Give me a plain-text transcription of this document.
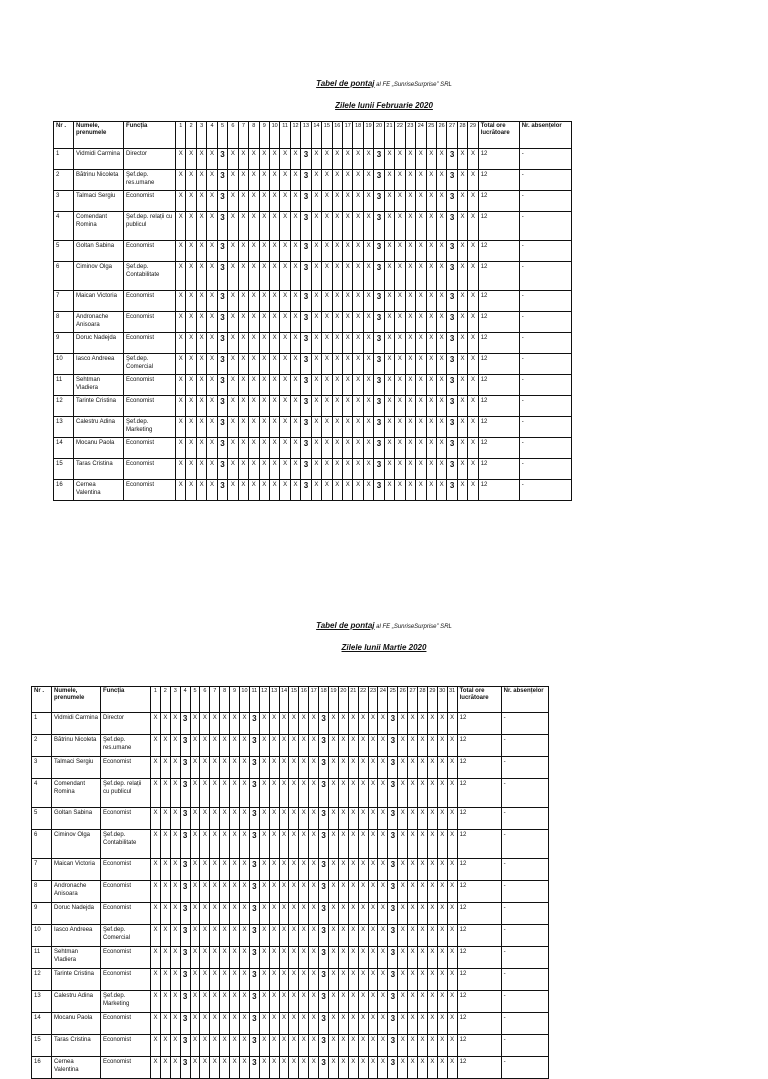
Tabel de pontaj al FE „SunriseSurprise” SRL
Zilele lunii Februarie 2020
Nr .	Numele, prenumele	Funcția	1	2	3	4	5	6	7	8	9	10	11	12	13	14	15	16	17	18	19	20	21	22	23	24	25	26	27	28	29	Total ore lucrătoare	Nr. absențelor
1	Vidmidi Carmina	Director	X	X	X	X	3	X	X	X	X	X	X	X	3	X	X	X	X	X	X	3	X	X	X	X	X	X	3	X	X	12	-
2	Bătrinu Nicoleta	Şef.dep. res.umane	X	X	X	X	3	X	X	X	X	X	X	X	3	X	X	X	X	X	X	3	X	X	X	X	X	X	3	X	X	12	-
3	Talmaci Sergiu	Economist	X	X	X	X	3	X	X	X	X	X	X	X	3	X	X	X	X	X	X	3	X	X	X	X	X	X	3	X	X	12	-
4	Comendant Romina	Şef.dep. relații cu publicul	X	X	X	X	3	X	X	X	X	X	X	X	3	X	X	X	X	X	X	3	X	X	X	X	X	X	3	X	X	12	-
5	Goltan Sabina	Economist	X	X	X	X	3	X	X	X	X	X	X	X	3	X	X	X	X	X	X	3	X	X	X	X	X	X	3	X	X	12	-
6	Ciminov Olga	Şef.dep. Contabilitate	X	X	X	X	3	X	X	X	X	X	X	X	3	X	X	X	X	X	X	3	X	X	X	X	X	X	3	X	X	12	-
7	Maican Victoria	Economist	X	X	X	X	3	X	X	X	X	X	X	X	3	X	X	X	X	X	X	3	X	X	X	X	X	X	3	X	X	12	-
8	Andronache Anisoara	Economist	X	X	X	X	3	X	X	X	X	X	X	X	3	X	X	X	X	X	X	3	X	X	X	X	X	X	3	X	X	12	-
9	Doruc Nadejda	Economist	X	X	X	X	3	X	X	X	X	X	X	X	3	X	X	X	X	X	X	3	X	X	X	X	X	X	3	X	X	12	-
10	Iasco Andreea	Şef.dep. Comercial	X	X	X	X	3	X	X	X	X	X	X	X	3	X	X	X	X	X	X	3	X	X	X	X	X	X	3	X	X	12	-
11	Sehtman Vladiera	Economist	X	X	X	X	3	X	X	X	X	X	X	X	3	X	X	X	X	X	X	3	X	X	X	X	X	X	3	X	X	12	-
12	Tarinte Cristina	Economist	X	X	X	X	3	X	X	X	X	X	X	X	3	X	X	X	X	X	X	3	X	X	X	X	X	X	3	X	X	12	-
13	Calestru Adina	Şef.dep. Marketing	X	X	X	X	3	X	X	X	X	X	X	X	3	X	X	X	X	X	X	3	X	X	X	X	X	X	3	X	X	12	-
14	Mocanu Paola	Economist	X	X	X	X	3	X	X	X	X	X	X	X	3	X	X	X	X	X	X	3	X	X	X	X	X	X	3	X	X	12	-
15	Taras Cristina	Economist	X	X	X	X	3	X	X	X	X	X	X	X	3	X	X	X	X	X	X	3	X	X	X	X	X	X	3	X	X	12	-
16	Cernea Valentina	Economist	X	X	X	X	3	X	X	X	X	X	X	X	3	X	X	X	X	X	X	3	X	X	X	X	X	X	3	X	X	12	-
Tabel de pontaj al FE „SunriseSurprise” SRL
Zilele lunii Martie 2020
Nr .	Numele, prenumele	Funcția	1	2	3	4	5	6	7	8	9	10	11	12	13	14	15	16	17	18	19	20	21	22	23	24	25	26	27	28	29	30	31	Total ore lucrătoare	Nr. absențelor
1	Vidmidi Carmina	Director	X	X	X	3	X	X	X	X	X	X	3	X	X	X	X	X	X	3	X	X	X	X	X	X	3	X	X	X	X	X	X	12	-
2	Bătrinu Nicoleta	Şef.dep. res.umane	X	X	X	3	X	X	X	X	X	X	3	X	X	X	X	X	X	3	X	X	X	X	X	X	3	X	X	X	X	X	X	12	-
3	Talmaci Sergiu	Economist	X	X	X	3	X	X	X	X	X	X	3	X	X	X	X	X	X	3	X	X	X	X	X	X	3	X	X	X	X	X	X	12	-
4	Comendant Romina	Şef.dep. relații cu publicul	X	X	X	3	X	X	X	X	X	X	3	X	X	X	X	X	X	3	X	X	X	X	X	X	3	X	X	X	X	X	X	12	-
5	Goltan Sabina	Economist	X	X	X	3	X	X	X	X	X	X	3	X	X	X	X	X	X	3	X	X	X	X	X	X	3	X	X	X	X	X	X	12	-
6	Ciminov Olga	Şef.dep. Contabilitate	X	X	X	3	X	X	X	X	X	X	3	X	X	X	X	X	X	3	X	X	X	X	X	X	3	X	X	X	X	X	X	12	-
7	Maican Victoria	Economist	X	X	X	3	X	X	X	X	X	X	3	X	X	X	X	X	X	3	X	X	X	X	X	X	3	X	X	X	X	X	X	12	-
8	Andronache Anisoara	Economist	X	X	X	3	X	X	X	X	X	X	3	X	X	X	X	X	X	3	X	X	X	X	X	X	3	X	X	X	X	X	X	12	-
9	Doruc Nadejda	Economist	X	X	X	3	X	X	X	X	X	X	3	X	X	X	X	X	X	3	X	X	X	X	X	X	3	X	X	X	X	X	X	12	-
10	Iasco Andreea	Şef.dep. Comercial	X	X	X	3	X	X	X	X	X	X	3	X	X	X	X	X	X	3	X	X	X	X	X	X	3	X	X	X	X	X	X	12	-
11	Sehtman Vladiera	Economist	X	X	X	3	X	X	X	X	X	X	3	X	X	X	X	X	X	3	X	X	X	X	X	X	3	X	X	X	X	X	X	12	-
12	Tarinte Cristina	Economist	X	X	X	3	X	X	X	X	X	X	3	X	X	X	X	X	X	3	X	X	X	X	X	X	3	X	X	X	X	X	X	12	-
13	Calestru Adina	Şef.dep. Marketing	X	X	X	3	X	X	X	X	X	X	3	X	X	X	X	X	X	3	X	X	X	X	X	X	3	X	X	X	X	X	X	12	-
14	Mocanu Paola	Economist	X	X	X	3	X	X	X	X	X	X	3	X	X	X	X	X	X	3	X	X	X	X	X	X	3	X	X	X	X	X	X	12	-
15	Taras Cristina	Economist	X	X	X	3	X	X	X	X	X	X	3	X	X	X	X	X	X	3	X	X	X	X	X	X	3	X	X	X	X	X	X	12	-
16	Cernea Valentina	Economist	X	X	X	3	X	X	X	X	X	X	3	X	X	X	X	X	X	3	X	X	X	X	X	X	3	X	X	X	X	X	X	12	-
